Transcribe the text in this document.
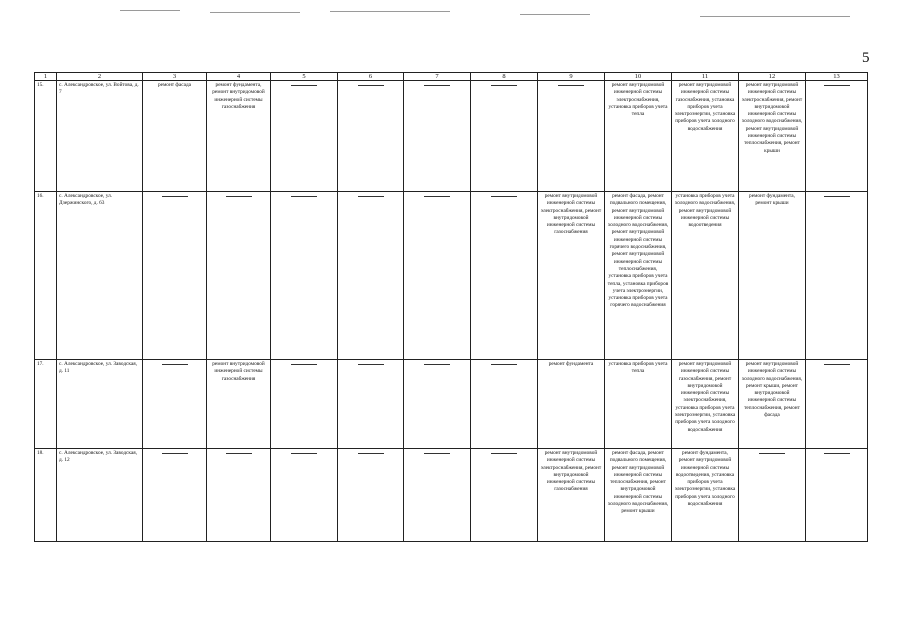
5
1	2	3	4	5	6	7	8	9	10	11	12	13
15.	с. Александровское, ул. Войтова, д. 7	ремонт фасада	ремонт фундамента, ремонт внутридомовой инженерной системы газоснабжения						ремонт внутридомовой инженерной системы электроснабжения, установка приборов учета тепла	ремонт внутридомовой инженерной системы газоснабжения, установка приборов учета электроэнергии, установка приборов учета холодного водоснабжения	ремонт внутридомовой инженерной системы электроснабжения, ремонт внутридомовой инженерной системы холодного водоснабжения, ремонт внутридомовой инженерной системы теплоснабжения, ремонт крыши	

16.	с. Александровское, ул. Дзержинского, д. 63							ремонт внутридомовой инженерной системы электроснабжения, ремонт внутридомовой инженерной системы газоснабжения	ремонт фасада, ремонт подвального помещения, ремонт внутридомовой инженерной системы холодного водоснабжения, ремонт внутридомовой инженерной системы горячего водоснабжения, ремонт внутридомовой инженерной системы теплоснабжения, установка приборов учета тепла, установка приборов учета электроэнергии, установка приборов учета горячего водоснабжения	установка приборов учета холодного водоснабжения, ремонт внутридомовой инженерной системы водоотведения	ремонт фундамента, ремонт крыши	

17.	с. Александровское, ул. Заводская, д. 11		ремонт внутридомовой инженерной системы газоснабжения					ремонт фундамента	установка приборов учета тепла	ремонт внутридомовой инженерной системы газоснабжения, ремонт внутридомовой инженерной системы электроснабжения, установка приборов учета электроэнергии, установка приборов учета холодного водоснабжения	ремонт внутридомовой инженерной системы холодного водоснабжения, ремонт крыши, ремонт внутридомовой инженерной системы теплоснабжения, ремонт фасада	

18.	с. Александровское, ул. Заводская, д. 12							ремонт внутридомовой инженерной системы электроснабжения, ремонт внутридомовой инженерной системы газоснабжения	ремонт фасада, ремонт подвального помещения, ремонт внутридомовой инженерной системы теплоснабжения, ремонт внутридомовой инженерной системы холодного водоснабжения, ремонт крыши	ремонт фундамента, ремонт внутридомовой инженерной системы водоотведения, установка приборов учета электроэнергии, установка приборов учета холодного водоснабжения	
